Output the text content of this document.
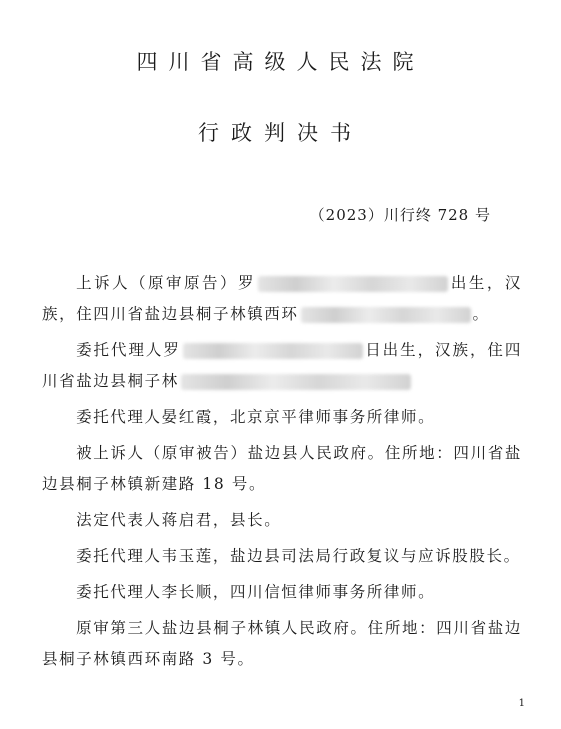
四川省高级人民法院
行政判决书
（2023）川行终 728 号

上诉人（原审原告）罗	出生，汉族，住四川省盐边县桐子林镇西环	。

委托代理人罗	日出生，汉族，住四川省盐边县桐子林

委托代理人晏红霞，北京京平律师事务所律师。

被上诉人（原审被告）盐边县人民政府。住所地：四川省盐边县桐子林镇新建路 18 号。

法定代表人蒋启君，县长。

委托代理人韦玉莲，盐边县司法局行政复议与应诉股股长。

委托代理人李长顺，四川信恒律师事务所律师。

原审第三人盐边县桐子林镇人民政府。住所地：四川省盐边县桐子林镇西环南路 3 号。

1
